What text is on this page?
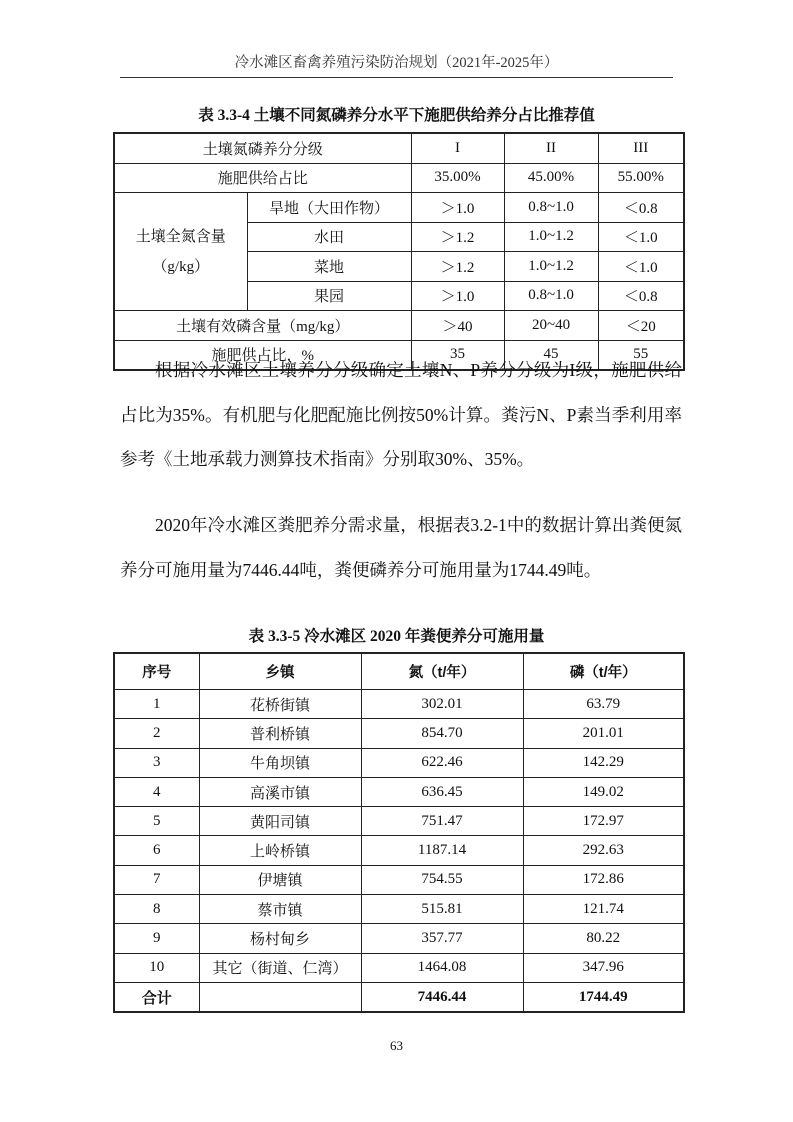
冷水滩区畜禽养殖污染防治规划（2021年-2025年）
表 3.3-4 土壤不同氮磷养分水平下施肥供给养分占比推荐值
土壤氮磷养分分级		I	II	III
施肥供给占比		35.00%	45.00%	55.00%
土壤全氮含量
（g/kg）	旱地（大田作物）	＞1.0	0.8~1.0	＜0.8
	水田	＞1.2	1.0~1.2	＜1.0
	菜地	＞1.2	1.0~1.2	＜1.0
	果园	＞1.0	0.8~1.0	＜0.8
土壤有效磷含量（mg/kg）		＞40	20~40	＜20
施肥供占比，%		35	45	55

根据冷水滩区土壤养分分级确定土壤N、P养分分级为I级，施肥供给占比为35%。有机肥与化肥配施比例按50%计算。粪污N、P素当季利用率参考《土地承载力测算技术指南》分别取30%、35%。

2020年冷水滩区粪肥养分需求量，根据表3.2-1中的数据计算出粪便氮养分可施用量为7446.44吨，粪便磷养分可施用量为1744.49吨。

表 3.3-5 冷水滩区 2020 年粪便养分可施用量
序号	乡镇	氮（t/年）	磷（t/年）
1	花桥街镇	302.01	63.79
2	普利桥镇	854.70	201.01
3	牛角坝镇	622.46	142.29
4	高溪市镇	636.45	149.02
5	黄阳司镇	751.47	172.97
6	上岭桥镇	1187.14	292.63
7	伊塘镇	754.55	172.86
8	蔡市镇	515.81	121.74
9	杨村甸乡	357.77	80.22
10	其它（街道、仁湾）	1464.08	347.96
合计		7446.44	1744.49
63
